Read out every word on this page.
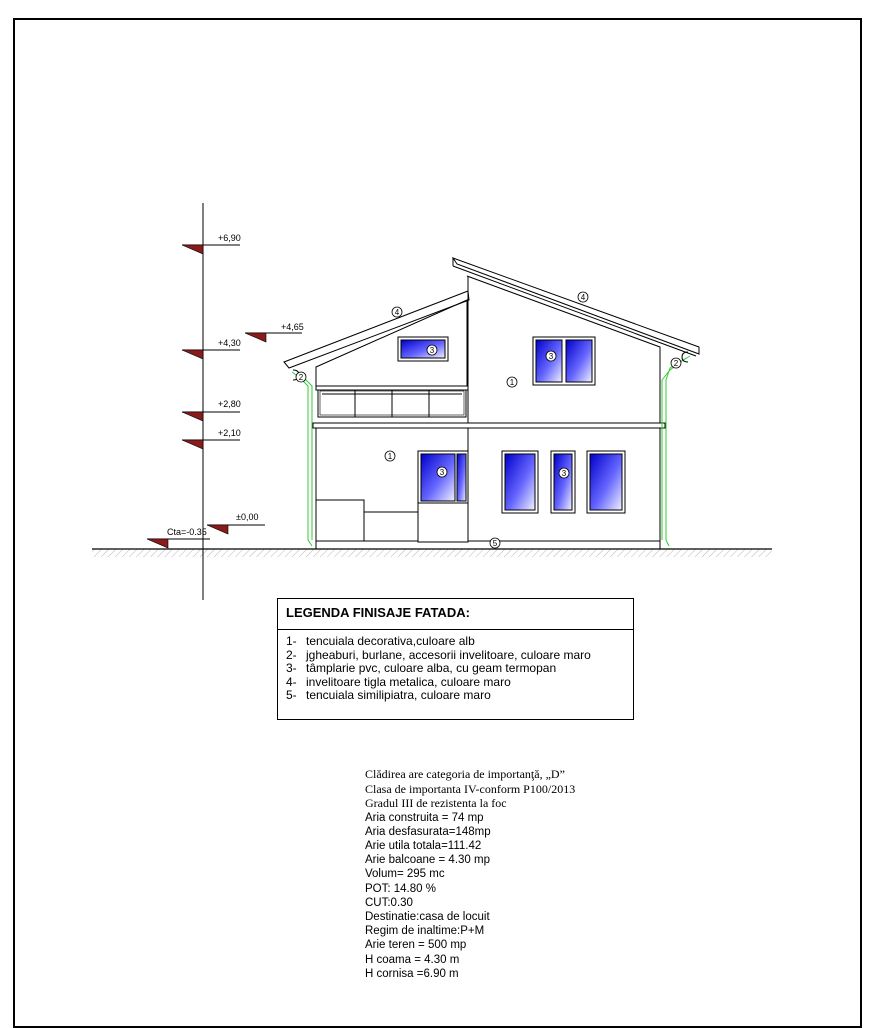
+6,90
+4,65
+4,30
+2,80
+2,10
±0,00
Cta=-0.35
4
4
2
2
3
3
1
1
3	3
5
LEGENDA FINISAJE FATADA:
1- tencuiala decorativa,culoare alb
2- jgheaburi, burlane, accesorii invelitoare, culoare maro
3- tâmplarie pvc, culoare alba, cu geam termopan
4- invelitoare tigla metalica, culoare maro
5- tencuiala similipiatra, culoare maro
Clădirea are categoria de importanţă, „D”
Clasa de importanta IV-conform P100/2013
Gradul III de rezistenta la foc
Aria construita = 74 mp
Aria desfasurata=148mp
Arie utila totala=111.42
Arie balcoane = 4.30 mp
Volum= 295 mc
POT: 14.80 %
CUT:0.30
Destinatie:casa de locuit
Regim de inaltime:P+M
Arie teren = 500 mp
H coama = 4.30 m
H cornisa =6.90 m
